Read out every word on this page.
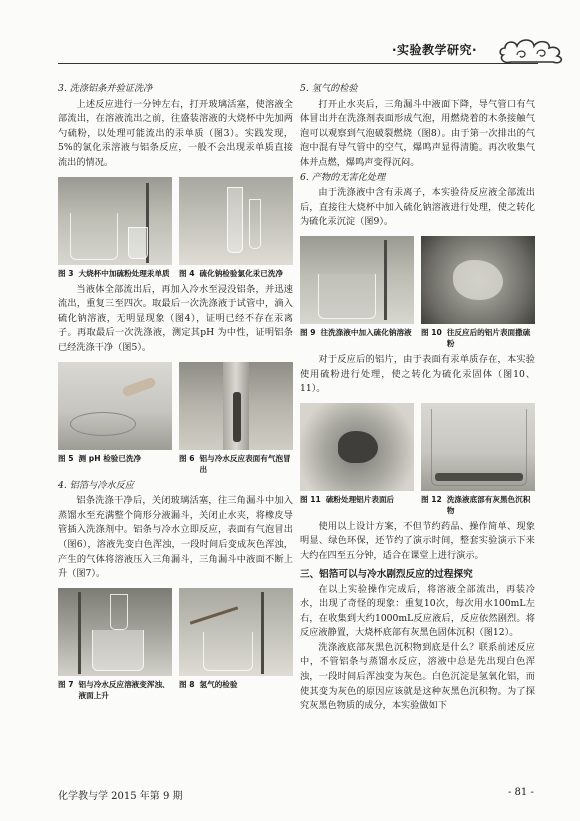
·实验教学研究·
3. 洗涤铝条并验证洗净

上述反应进行一分钟左右，打开玻璃活塞，使溶液全部流出，在溶液流出之前，往盛装溶液的大烧杯中先加两勺硫粉，以处理可能流出的汞单质（图3）。实践发现，5%的氯化汞溶液与铝条反应，一般不会出现汞单质直接流出的情况。

图 3 大烧杯中加硫粉处理汞单质	图 4 硫化钠检验氯化汞已洗净

当液体全部流出后，再加入冷水至浸没铝条，并迅速流出，重复三至四次。取最后一次洗涤液于试管中，滴入硫化钠溶液，无明显现象（图4），证明已经不存在汞离子。再取最后一次洗涤液，测定其pH 为中性，证明铝条已经洗涤干净（图5）。

图 5 测 pH 检验已洗净	图 6 铝与冷水反应表面有气泡冒出
4. 铝箔与冷水反应

铝条洗涤干净后，关闭玻璃活塞，往三角漏斗中加入蒸馏水至充满整个筒形分液漏斗，关闭止水夹，将橡皮导管插入洗涤剂中。铝条与冷水立即反应，表面有气泡冒出（图6），溶液先变白色浑浊，一段时间后变成灰色浑浊，产生的气体将溶液压入三角漏斗，三角漏斗中液面不断上升（图7）。

图 7 铝与冷水反应溶液变浑浊、液面上升
图 8 氢气的检验
5. 氢气的检验

打开止水夹后，三角漏斗中液面下降，导气管口有气体冒出并在洗涤剂表面形成气泡，用燃烧着的木条接触气泡可以观察到气泡破裂燃烧（图8）。由于第一次排出的气泡中混有导气管中的空气，爆鸣声显得清脆。再次收集气体并点燃，爆鸣声变得沉闷。

6. 产物的无害化处理

由于洗涤液中含有汞离子，本实验待反应液全部流出后，直接往大烧杯中加入硫化钠溶液进行处理，使之转化为硫化汞沉淀（图9）。

图 9 往洗涤液中加入硫化钠溶液	图 10 往反应后的铝片表面撒硫粉

对于反应后的铝片，由于表面有汞单质存在，本实验使用硫粉进行处理，使之转化为硫化汞固体（图10、11）。

图 11 硫粉处理铝片表面后	图 12 洗涤液底部有灰黑色沉积物

使用以上设计方案，不但节约药品、操作简单、现象明显、绿色环保，还节约了演示时间，整套实验演示下来大约在四至五分钟，适合在课堂上进行演示。

三、铝箔可以与冷水剧烈反应的过程探究

在以上实验操作完成后，将溶液全部流出，再装冷水，出现了奇怪的现象：重复10次，每次用水100mL左右，在收集到大约1000mL反应液后，反应依然剧烈。将反应液静置，大烧杯底部有灰黑色固体沉积（图12）。

洗涤液底部灰黑色沉积物到底是什么？联系前述反应中，不管铝条与蒸馏水反应，溶液中总是先出现白色浑浊，一段时间后浑浊变为灰色。白色沉淀是氢氧化铝，而使其变为灰色的原因应该就是这种灰黑色沉积物。为了探究灰黑色物质的成分，本实验做如下

化学教与学 2015 年第 9 期	- 81 -
